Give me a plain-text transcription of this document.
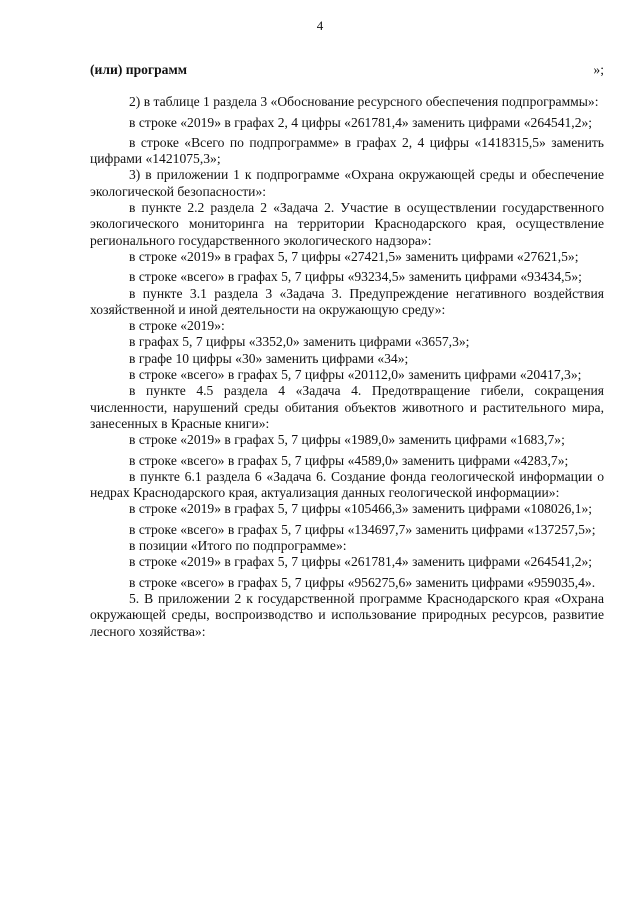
4
(или) программ	»;

2) в таблице 1 раздела 3 «Обоснование ресурсного обеспечения подпрограммы»:

в строке «2019» в графах 2, 4 цифры «261781,4» заменить цифрами «264541,2»;

в строке «Всего по подпрограмме» в графах 2, 4 цифры «1418315,5» заменить цифрами «1421075,3»;

3) в приложении 1 к подпрограмме «Охрана окружающей среды и обеспечение экологической безопасности»:

в пункте 2.2 раздела 2 «Задача 2. Участие в осуществлении государственного экологического мониторинга на территории Краснодарского края, осуществление регионального государственного экологического надзора»:

в строке «2019» в графах 5, 7 цифры «27421,5» заменить цифрами «27621,5»;

в строке «всего» в графах 5, 7 цифры «93234,5» заменить цифрами «93434,5»;

в пункте 3.1 раздела 3 «Задача 3. Предупреждение негативного воздействия хозяйственной и иной деятельности на окружающую среду»:

в строке «2019»:

в графах 5, 7 цифры «3352,0» заменить цифрами «3657,3»;

в графе 10 цифры «30» заменить цифрами «34»;

в строке «всего» в графах 5, 7 цифры «20112,0» заменить цифрами «20417,3»;

в пункте 4.5 раздела 4 «Задача 4. Предотвращение гибели, сокращения численности, нарушений среды обитания объектов животного и растительного мира, занесенных в Красные книги»:

в строке «2019» в графах 5, 7 цифры «1989,0» заменить цифрами «1683,7»;

в строке «всего» в графах 5, 7 цифры «4589,0» заменить цифрами «4283,7»;

в пункте 6.1 раздела 6 «Задача 6. Создание фонда геологической информации о недрах Краснодарского края, актуализация данных геологической информации»:

в строке «2019» в графах 5, 7 цифры «105466,3» заменить цифрами «108026,1»;

в строке «всего» в графах 5, 7 цифры «134697,7» заменить цифрами «137257,5»;

в позиции «Итого по подпрограмме»:

в строке «2019» в графах 5, 7 цифры «261781,4» заменить цифрами «264541,2»;

в строке «всего» в графах 5, 7 цифры «956275,6» заменить цифрами «959035,4».

5. В приложении 2 к государственной программе Краснодарского края «Охрана окружающей среды, воспроизводство и использование природных ресурсов, развитие лесного хозяйства»:
